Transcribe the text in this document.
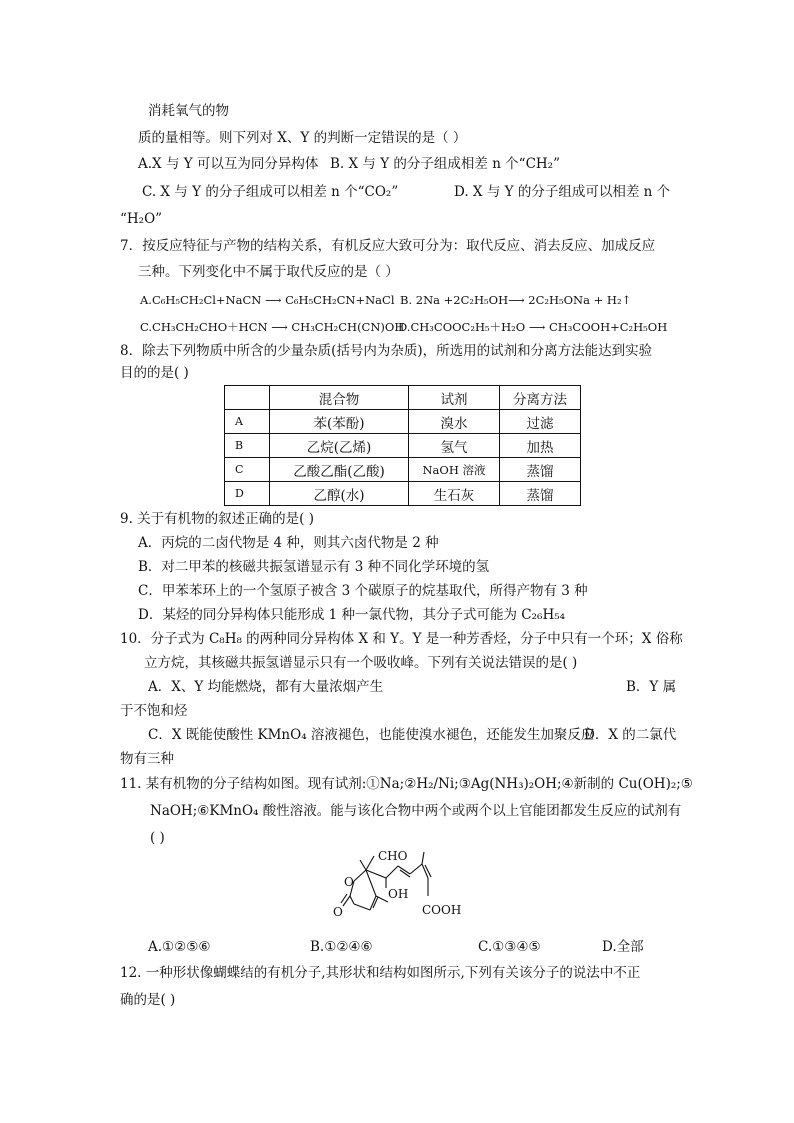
消耗氧气的物
质的量相等。则下列对 X、Y 的判断一定错误的是（ ）
A.X 与 Y 可以互为同分异构体 B. X 与 Y 的分子组成相差 n 个“CH₂”
C. X 与 Y 的分子组成可以相差 n 个“CO₂”	D. X 与 Y 的分子组成可以相差 n 个
“H₂O”
7．按反应特征与产物的结构关系，有机反应大致可分为：取代反应、消去反应、加成反应
三种。下列变化中不属于取代反应的是（ ）
A.C₆H₅CH₂Cl+NaCN ⟶ C₆H₅CH₂CN+NaCl B. 2Na +2C₂H₅OH⟶ 2C₂H₅ONa + H₂↑
C.CH₃CH₂CHO＋HCN ⟶ CH₃CH₂CH(CN)OH
D.CH₃COOC₂H₅＋H₂O ⟶ CH₃COOH+C₂H₅OH
8．除去下列物质中所含的少量杂质(括号内为杂质)，所选用的试剂和分离方法能达到实验
目的的是( )
	混合物	试剂	分离方法
A	苯(苯酚)	溴水	过滤
B	乙烷(乙烯)	氢气	加热
C	乙酸乙酯(乙酸)	NaOH 溶液	蒸馏
D	乙醇(水)	生石灰	蒸馏
9. 关于有机物的叙述正确的是( )
A．丙烷的二卤代物是 4 种，则其六卤代物是 2 种
B．对二甲苯的核磁共振氢谱显示有 3 种不同化学环境的氢
C．甲苯苯环上的一个氢原子被含 3 个碳原子的烷基取代，所得产物有 3 种
D．某烃的同分异构体只能形成 1 种一氯代物，其分子式可能为 C₂₆H₅₄
10．分子式为 C₈H₈ 的两种同分异构体 X 和 Y。Y 是一种芳香烃，分子中只有一个环；X 俗称
立方烷，其核磁共振氢谱显示只有一个吸收峰。下列有关说法错误的是( )
A．X、Y 均能燃烧，都有大量浓烟产生	B．Y 属
于不饱和烃
C．X 既能使酸性 KMnO₄ 溶液褪色，也能使溴水褪色，还能发生加聚反应
D．X 的二氯代
物有三种
11. 某有机物的分子结构如图。现有试剂:①Na;②H₂/Ni;③Ag(NH₃)₂OH;④新制的 Cu(OH)₂;⑤
NaOH;⑥KMnO₄ 酸性溶液。能与该化合物中两个或两个以上官能团都发生反应的试剂有
( )
CHO
OH
COOH
O
O
A.①②⑤⑥	B.①②④⑥	C.①③④⑤	D.全部
12. 一种形状像蝴蝶结的有机分子,其形状和结构如图所示,下列有关该分子的说法中不正
确的是( )
